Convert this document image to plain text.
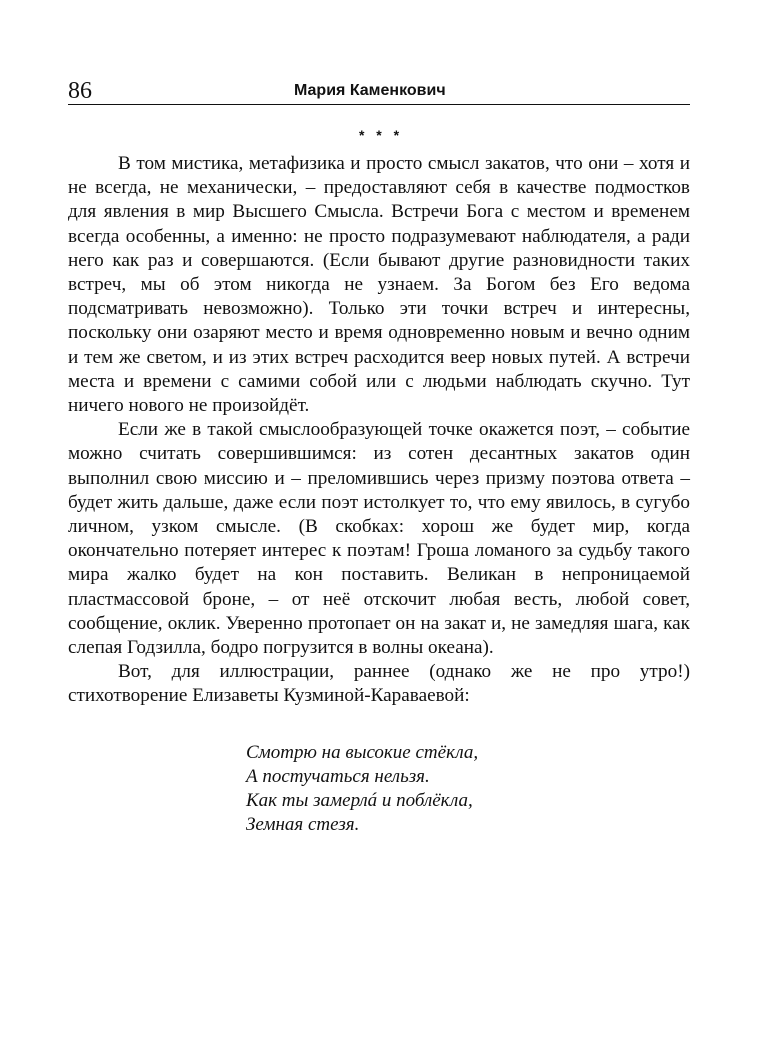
86	Мария Каменкович
* * *

В том мистика, метафизика и просто смысл закатов, что они – хотя и не всегда, не механически, – предоставляют себя в качестве подмостков для явления в мир Высшего Смысла. Встречи Бога с местом и временем всегда особенны, а именно: не просто подразумевают наблюдателя, а ради него как раз и совершаются. (Если бывают другие разновидности таких встреч, мы об этом никогда не узнаем. За Богом без Его ведома подсматривать невозможно). Только эти точки встреч и интересны, поскольку они озаряют место и время одновременно новым и вечно одним и тем же светом, и из этих встреч расходится веер новых путей. А встречи места и времени с самими собой или с людьми наблюдать скучно. Тут ничего нового не произойдёт.

Если же в такой смыслообразующей точке окажется поэт, – событие можно считать совершившимся: из сотен десантных закатов один выполнил свою миссию и – преломившись через призму поэтова ответа – будет жить дальше, даже если поэт истолкует то, что ему явилось, в сугубо личном, узком смысле. (В скобках: хорош же будет мир, когда окончательно потеряет интерес к поэтам! Гроша ломаного за судьбу такого мира жалко будет на кон поставить. Великан в непроницаемой пластмассовой броне, – от неё отскочит любая весть, любой совет, сообщение, оклик. Уверенно протопает он на закат и, не замедляя шага, как слепая Годзилла, бодро погрузится в волны океана).

Вот, для иллюстрации, раннее (однако же не про утро!) стихотворение Елизаветы Кузминой-Караваевой:

Смотрю на высокие стёкла,
А постучаться нельзя.
Как ты замерлá и поблёкла,
Земная стезя.
